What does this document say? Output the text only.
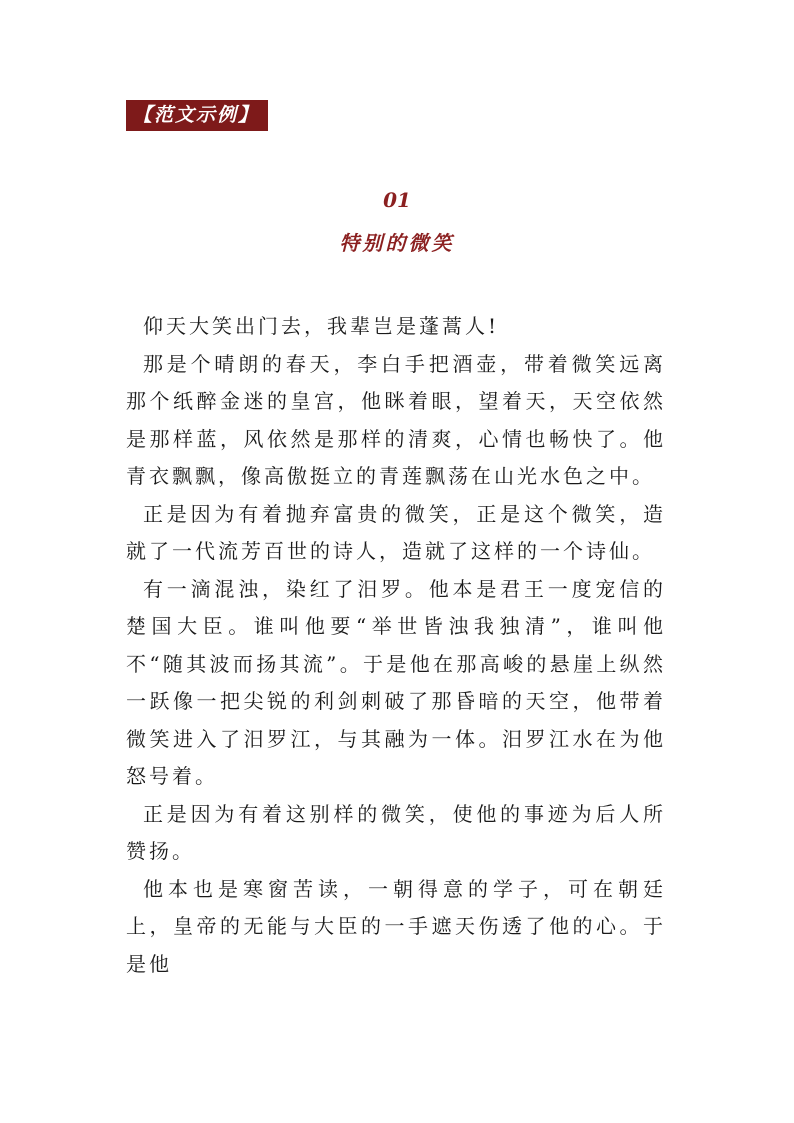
【范文示例】
01
特别的微笑

仰天大笑出门去，我辈岂是蓬蒿人!

那是个晴朗的春天，李白手把酒壶，带着微笑远离那个纸醉金迷的皇宫，他眯着眼，望着天，天空依然是那样蓝，风依然是那样的清爽，心情也畅快了。他青衣飘飘，像高傲挺立的青莲飘荡在山光水色之中。

正是因为有着抛弃富贵的微笑，正是这个微笑，造就了一代流芳百世的诗人，造就了这样的一个诗仙。

有一滴混浊，染红了汨罗。他本是君王一度宠信的楚国大臣。谁叫他要“举世皆浊我独清”，谁叫他不“随其波而扬其流”。于是他在那高峻的悬崖上纵然一跃像一把尖锐的利剑刺破了那昏暗的天空，他带着微笑进入了汨罗江，与其融为一体。汨罗江水在为他怒号着。

正是因为有着这别样的微笑，使他的事迹为后人所赞扬。

他本也是寒窗苦读，一朝得意的学子，可在朝廷上，皇帝的无能与大臣的一手遮天伤透了他的心。于是他
